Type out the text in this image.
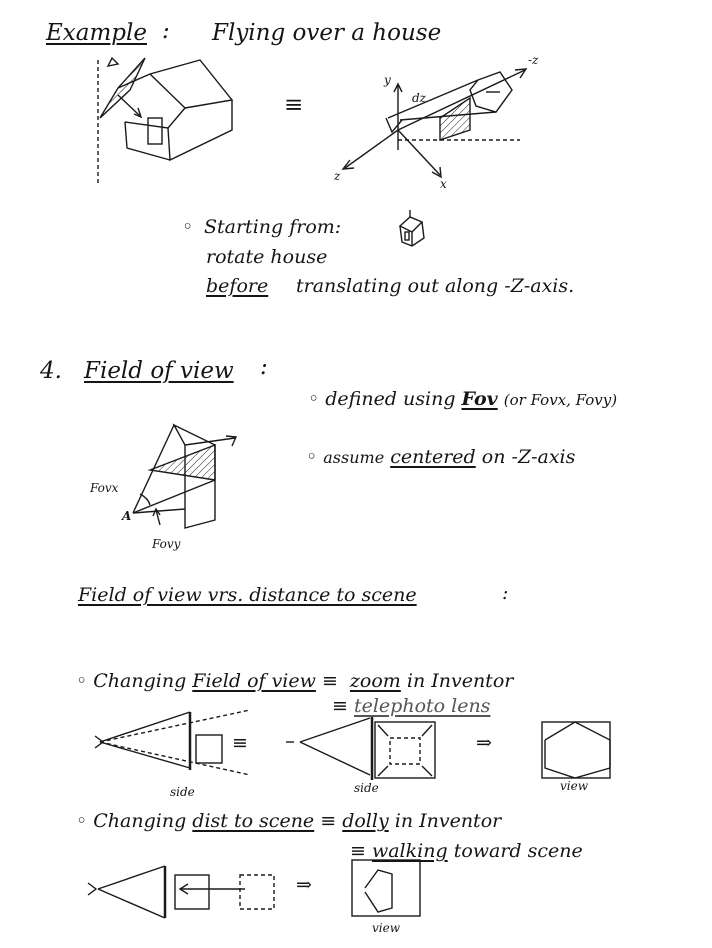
Example : Flying over a house
≡
y
dz
-z
z
x
◦ Starting from:
rotate house
before translating out along -Z-axis.
4. Field of view :
◦ defined using Fov (or Fovx, Fovy)
◦ assume centered on -Z-axis
Fovx
A
Fovy
Field of view vrs. distance to scene	:
◦ Changing Field of view ≡ zoom in Inventor
≡ telephoto lens
≡	⇒
side	side	view
◦ Changing dist to scene ≡ dolly in Inventor
≡ walking toward scene
⇒
view
